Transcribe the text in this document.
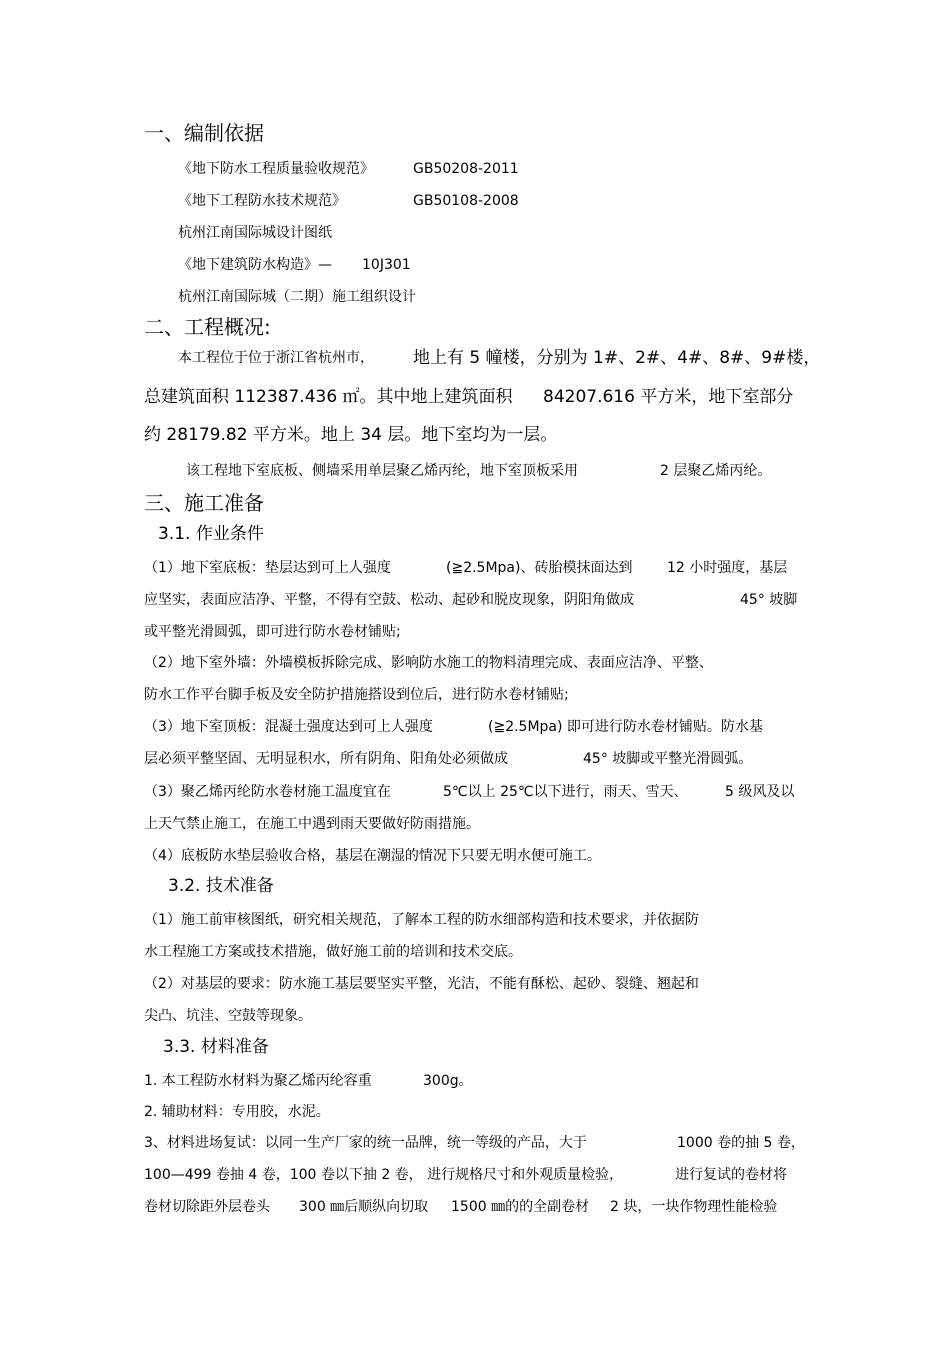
一、编制依据
《地下防水工程质量验收规范》	GB50208-2011
《地下工程防水技术规范》	GB50108-2008
杭州江南国际城设计图纸
《地下建筑防水构造》— 10J301
杭州江南国际城（二期）施工组织设计
二、工程概况:
本工程位于位于浙江省杭州市， 地上有 5 幢楼，分别为 1#、2#、4#、8#、9#楼，
总建筑面积 112387.436 ㎡。其中地上建筑面积 84207.616 平方米，地下室部分
约 28179.82 平方米。地上 34 层。地下室均为一层。
该工程地下室底板、侧墙采用单层聚乙烯丙纶，地下室顶板采用	2 层聚乙烯丙纶。
三、施工准备
3.1. 作业条件
（1）地下室底板：垫层达到可上人强度	(≧2.5Mpa)、砖胎模抹面达到 12 小时强度，基层
应坚实，表面应洁净、平整，不得有空鼓、松动、起砂和脱皮现象，阴阳角做成	45° 坡脚
或平整光滑圆弧，即可进行防水卷材铺贴;
（2）地下室外墙：外墙模板拆除完成、影响防水施工的物料清理完成、表面应洁净、平整、
防水工作平台脚手板及安全防护措施搭设到位后，进行防水卷材铺贴;
（3）地下室顶板：混凝土强度达到可上人强度	(≧2.5Mpa) 即可进行防水卷材铺贴。防水基
层必须平整坚固、无明显积水，所有阴角、阳角处必须做成	45° 坡脚或平整光滑圆弧。
（3）聚乙烯丙纶防水卷材施工温度宜在	5℃以上 25℃以下进行，雨天、雪天、	5 级风及以
上天气禁止施工，在施工中遇到雨天要做好防雨措施。
（4）底板防水垫层验收合格，基层在潮湿的情况下只要无明水便可施工。
3.2. 技术准备
（1）施工前审核图纸，研究相关规范，了解本工程的防水细部构造和技术要求，并依据防
水工程施工方案或技术措施，做好施工前的培训和技术交底。
（2）对基层的要求：防水施工基层要坚实平整，光洁，不能有酥松、起砂、裂缝、翘起和
尖凸、坑洼、空鼓等现象。
3.3. 材料准备
1. 本工程防水材料为聚乙烯丙纶容重	300g。
2. 辅助材料：专用胶，水泥。
3、材料进场复试：以同一生产厂家的统一品牌，统一等级的产品，大于	1000 卷的抽 5 卷，
100—499 卷抽 4 卷，100 卷以下抽 2 卷， 进行规格尺寸和外观质量检验，	进行复试的卷材将
卷材切除距外层卷头 300 ㎜后顺纵向切取 1500 ㎜的的全副卷材 2 块，一块作物理性能检验
